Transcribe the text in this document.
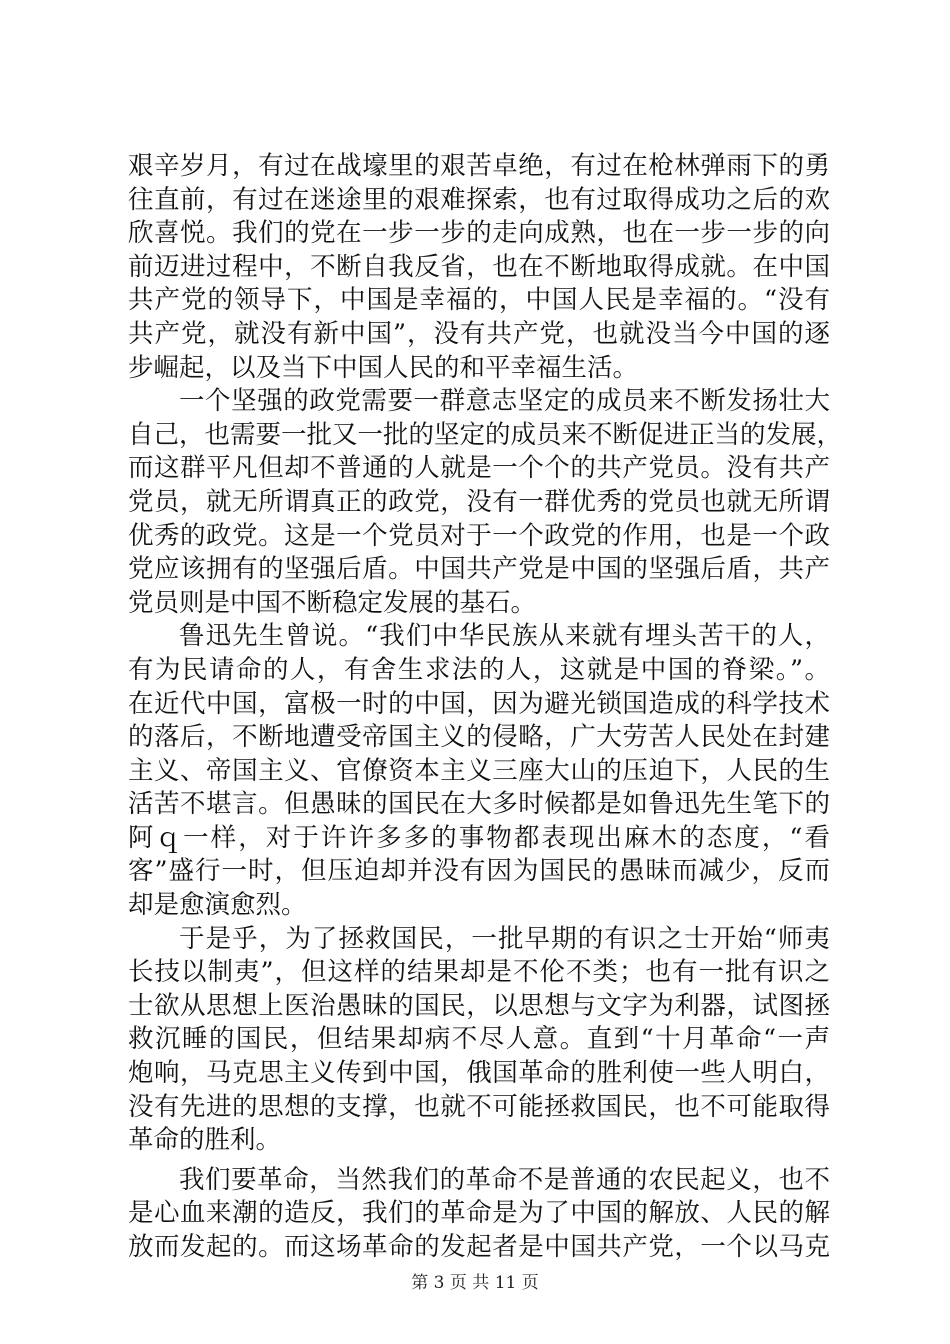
艰辛岁月，有过在战壕里的艰苦卓绝，有过在枪林弹雨下的勇
往直前，有过在迷途里的艰难探索，也有过取得成功之后的欢
欣喜悦。我们的党在一步一步的走向成熟，也在一步一步的向
前迈进过程中，不断自我反省，也在不断地取得成就。在中国
共产党的领导下，中国是幸福的，中国人民是幸福的。“没有
共产党，就没有新中国”，没有共产党，也就没当今中国的逐
步崛起，以及当下中国人民的和平幸福生活。
一个坚强的政党需要一群意志坚定的成员来不断发扬壮大
自己，也需要一批又一批的坚定的成员来不断促进正当的发展，
而这群平凡但却不普通的人就是一个个的共产党员。没有共产
党员，就无所谓真正的政党，没有一群优秀的党员也就无所谓
优秀的政党。这是一个党员对于一个政党的作用，也是一个政
党应该拥有的坚强后盾。中国共产党是中国的坚强后盾，共产
党员则是中国不断稳定发展的基石。
鲁迅先生曾说。“我们中华民族从来就有埋头苦干的人，
有为民请命的人，有舍生求法的人，这就是中国的脊梁。”。
在近代中国，富极一时的中国，因为避光锁国造成的科学技术
的落后，不断地遭受帝国主义的侵略，广大劳苦人民处在封建
主义、帝国主义、官僚资本主义三座大山的压迫下，人民的生
活苦不堪言。但愚昧的国民在大多时候都是如鲁迅先生笔下的
阿ｑ一样，对于许许多多的事物都表现出麻木的态度，“看
客”盛行一时，但压迫却并没有因为国民的愚昧而减少，反而
却是愈演愈烈。
于是乎，为了拯救国民，一批早期的有识之士开始“师夷
长技以制夷”，但这样的结果却是不伦不类；也有一批有识之
士欲从思想上医治愚昧的国民，以思想与文字为利器，试图拯
救沉睡的国民，但结果却病不尽人意。直到“十月革命“一声
炮响，马克思主义传到中国，俄国革命的胜利使一些人明白，
没有先进的思想的支撑，也就不可能拯救国民，也不可能取得
革命的胜利。
我们要革命，当然我们的革命不是普通的农民起义，也不
是心血来潮的造反，我们的革命是为了中国的解放、人民的解
放而发起的。而这场革命的发起者是中国共产党，一个以马克
第 3 页 共 11 页
